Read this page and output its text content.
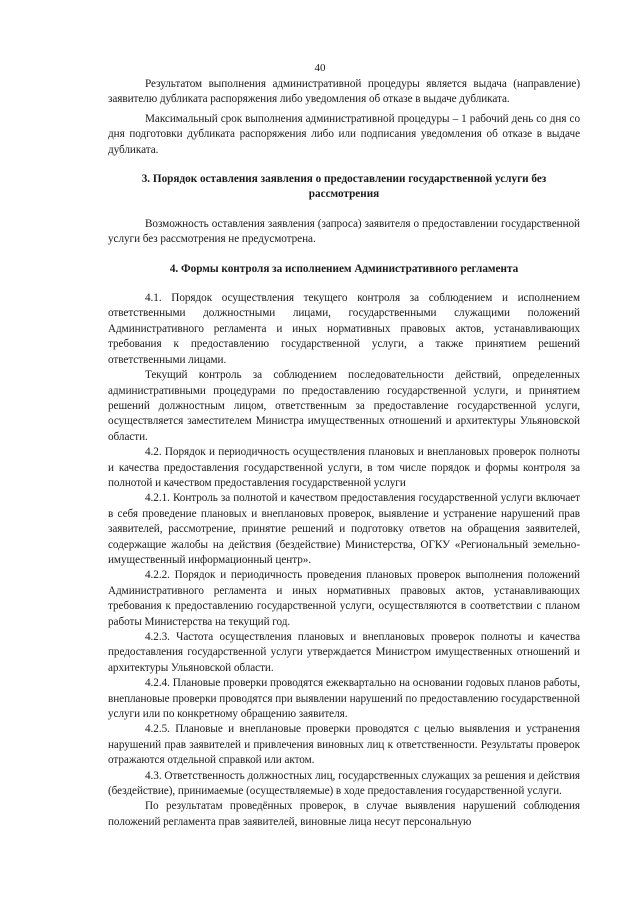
40

Результатом выполнения административной процедуры является выдача (направление) заявителю дубликата распоряжения либо уведомления об отказе в выдаче дубликата.

Максимальный срок выполнения административной процедуры – 1 рабочий день со дня со дня подготовки дубликата распоряжения либо или подписания уведомления об отказе в выдаче дубликата.

3. Порядок оставления заявления о предоставлении государственной услуги без рассмотрения

Возможность оставления заявления (запроса) заявителя о предоставлении государственной услуги без рассмотрения не предусмотрена.

4. Формы контроля за исполнением Административного регламента

4.1. Порядок осуществления текущего контроля за соблюдением и исполнением ответственными должностными лицами, государственными служащими положений Административного регламента и иных нормативных правовых актов, устанавливающих требования к предоставлению государственной услуги, а также принятием решений ответственными лицами.

Текущий контроль за соблюдением последовательности действий, определенных административными процедурами по предоставлению государственной услуги, и принятием решений должностным лицом, ответственным за предоставление государственной услуги, осуществляется заместителем Министра имущественных отношений и архитектуры Ульяновской области.

4.2. Порядок и периодичность осуществления плановых и внеплановых проверок полноты и качества предоставления государственной услуги, в том числе порядок и формы контроля за полнотой и качеством предоставления государственной услуги

4.2.1. Контроль за полнотой и качеством предоставления государственной услуги включает в себя проведение плановых и внеплановых проверок, выявление и устранение нарушений прав заявителей, рассмотрение, принятие решений и подготовку ответов на обращения заявителей, содержащие жалобы на действия (бездействие) Министерства, ОГКУ «Региональный земельно-имущественный информационный центр».

4.2.2. Порядок и периодичность проведения плановых проверок выполнения положений Административного регламента и иных нормативных правовых актов, устанавливающих требования к предоставлению государственной услуги, осуществляются в соответствии с планом работы Министерства на текущий год.

4.2.3. Частота осуществления плановых и внеплановых проверок полноты и качества предоставления государственной услуги утверждается Министром имущественных отношений и архитектуры Ульяновской области.

4.2.4. Плановые проверки проводятся ежеквартально на основании годовых планов работы, внеплановые проверки проводятся при выявлении нарушений по предоставлению государственной услуги или по конкретному обращению заявителя.

4.2.5. Плановые и внеплановые проверки проводятся с целью выявления и устранения нарушений прав заявителей и привлечения виновных лиц к ответственности. Результаты проверок отражаются отдельной справкой или актом.

4.3. Ответственность должностных лиц, государственных служащих за решения и действия (бездействие), принимаемые (осуществляемые) в ходе предоставления государственной услуги.

По результатам проведённых проверок, в случае выявления нарушений соблюдения положений регламента прав заявителей, виновные лица несут персональную
